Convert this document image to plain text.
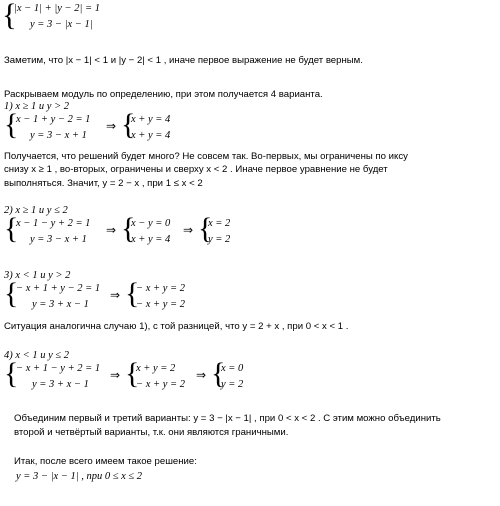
{
|x − 1| + |y − 2| = 1
y = 3 − |x − 1|
Заметим, что |x − 1| < 1 и |y − 2| < 1 , иначе первое выражение не будет верным.
Раскрываем модуль по определению, при этом получается 4 варианта.
1) x ≥ 1 и y > 2
{
x − 1 + y − 2 = 1
y = 3 − x + 1
⇒ {
x + y = 4
x + y = 4
Получается, что решений будет много? Не совсем так. Во-первых, мы ограничены по иксу
снизу x ≥ 1 , во-вторых, ограничены и сверху x < 2 . Иначе первое уравнение не будет
выполняться. Значит, y = 2 − x , при 1 ≤ x < 2
2) x ≥ 1 и y ≤ 2
{
x − 1 − y + 2 = 1
y = 3 − x + 1
⇒ {
x − y = 0
x + y = 4
⇒ {
x = 2
y = 2
3) x < 1 и y > 2
{
− x + 1 + y − 2 = 1
y = 3 + x − 1
⇒ {
− x + y = 2
− x + y = 2
Ситуация аналогична случаю 1), с той разницей, что y = 2 + x , при 0 < x < 1 .
4) x < 1 и y ≤ 2
{
− x + 1 − y + 2 = 1
y = 3 + x − 1
⇒ {
x + y = 2
− x + y = 2
⇒ {
x = 0
y = 2
Объединим первый и третий варианты: y = 3 − |x − 1| , при 0 < x < 2 . С этим можно объединить
второй и четвёртый варианты, т.к. они являются граничными.
Итак, после всего имеем такое решение:
y = 3 − |x − 1| , при 0 ≤ x ≤ 2
